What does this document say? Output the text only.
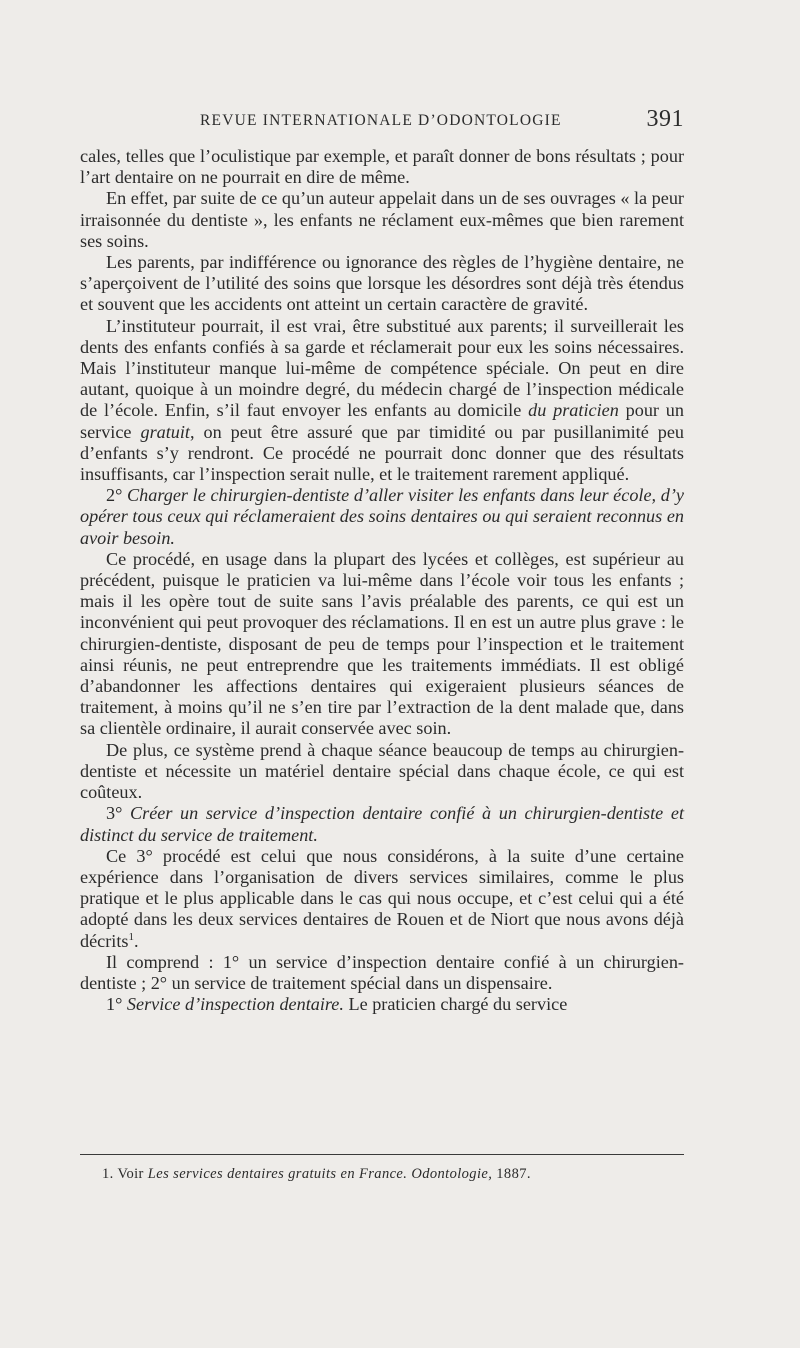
REVUE INTERNATIONALE D’ODONTOLOGIE	391

cales, telles que l’oculistique par exemple, et paraît donner de bons résultats ; pour l’art dentaire on ne pourrait en dire de même.

En effet, par suite de ce qu’un auteur appelait dans un de ses ouvrages « la peur irraisonnée du dentiste », les enfants ne réclament eux-mêmes que bien rarement ses soins.

Les parents, par indifférence ou ignorance des règles de l’hygiène dentaire, ne s’aperçoivent de l’utilité des soins que lorsque les désordres sont déjà très étendus et souvent que les accidents ont atteint un certain caractère de gravité.

L’instituteur pourrait, il est vrai, être substitué aux parents; il surveillerait les dents des enfants confiés à sa garde et réclamerait pour eux les soins nécessaires. Mais l’instituteur manque lui-même de compétence spéciale. On peut en dire autant, quoique à un moindre degré, du médecin chargé de l’inspection médicale de l’école. Enfin, s’il faut envoyer les enfants au domicile du praticien pour un service gratuit, on peut être assuré que par timidité ou par pusillanimité peu d’enfants s’y rendront. Ce procédé ne pourrait donc donner que des résultats insuffisants, car l’inspection serait nulle, et le traitement rarement appliqué.

2° Charger le chirurgien-dentiste d’aller visiter les enfants dans leur école, d’y opérer tous ceux qui réclameraient des soins dentaires ou qui seraient reconnus en avoir besoin.

Ce procédé, en usage dans la plupart des lycées et collèges, est supérieur au précédent, puisque le praticien va lui-même dans l’école voir tous les enfants ; mais il les opère tout de suite sans l’avis préalable des parents, ce qui est un inconvénient qui peut provoquer des réclamations. Il en est un autre plus grave : le chirurgien-dentiste, disposant de peu de temps pour l’inspection et le traitement ainsi réunis, ne peut entreprendre que les traitements immédiats. Il est obligé d’abandonner les affections dentaires qui exigeraient plusieurs séances de traitement, à moins qu’il ne s’en tire par l’extraction de la dent malade que, dans sa clientèle ordinaire, il aurait conservée avec soin.

De plus, ce système prend à chaque séance beaucoup de temps au chirurgien-dentiste et nécessite un matériel dentaire spécial dans chaque école, ce qui est coûteux.

3° Créer un service d’inspection dentaire confié à un chirurgien-dentiste et distinct du service de traitement.

Ce 3° procédé est celui que nous considérons, à la suite d’une certaine expérience dans l’organisation de divers services similaires, comme le plus pratique et le plus applicable dans le cas qui nous occupe, et c’est celui qui a été adopté dans les deux services dentaires de Rouen et de Niort que nous avons déjà décrits$^1$.

Il comprend : 1° un service d’inspection dentaire confié à un chirurgien-dentiste ; 2° un service de traitement spécial dans un dispensaire.

1° Service d’inspection dentaire. Le praticien chargé du service

1. Voir Les services dentaires gratuits en France. Odontologie, 1887.
